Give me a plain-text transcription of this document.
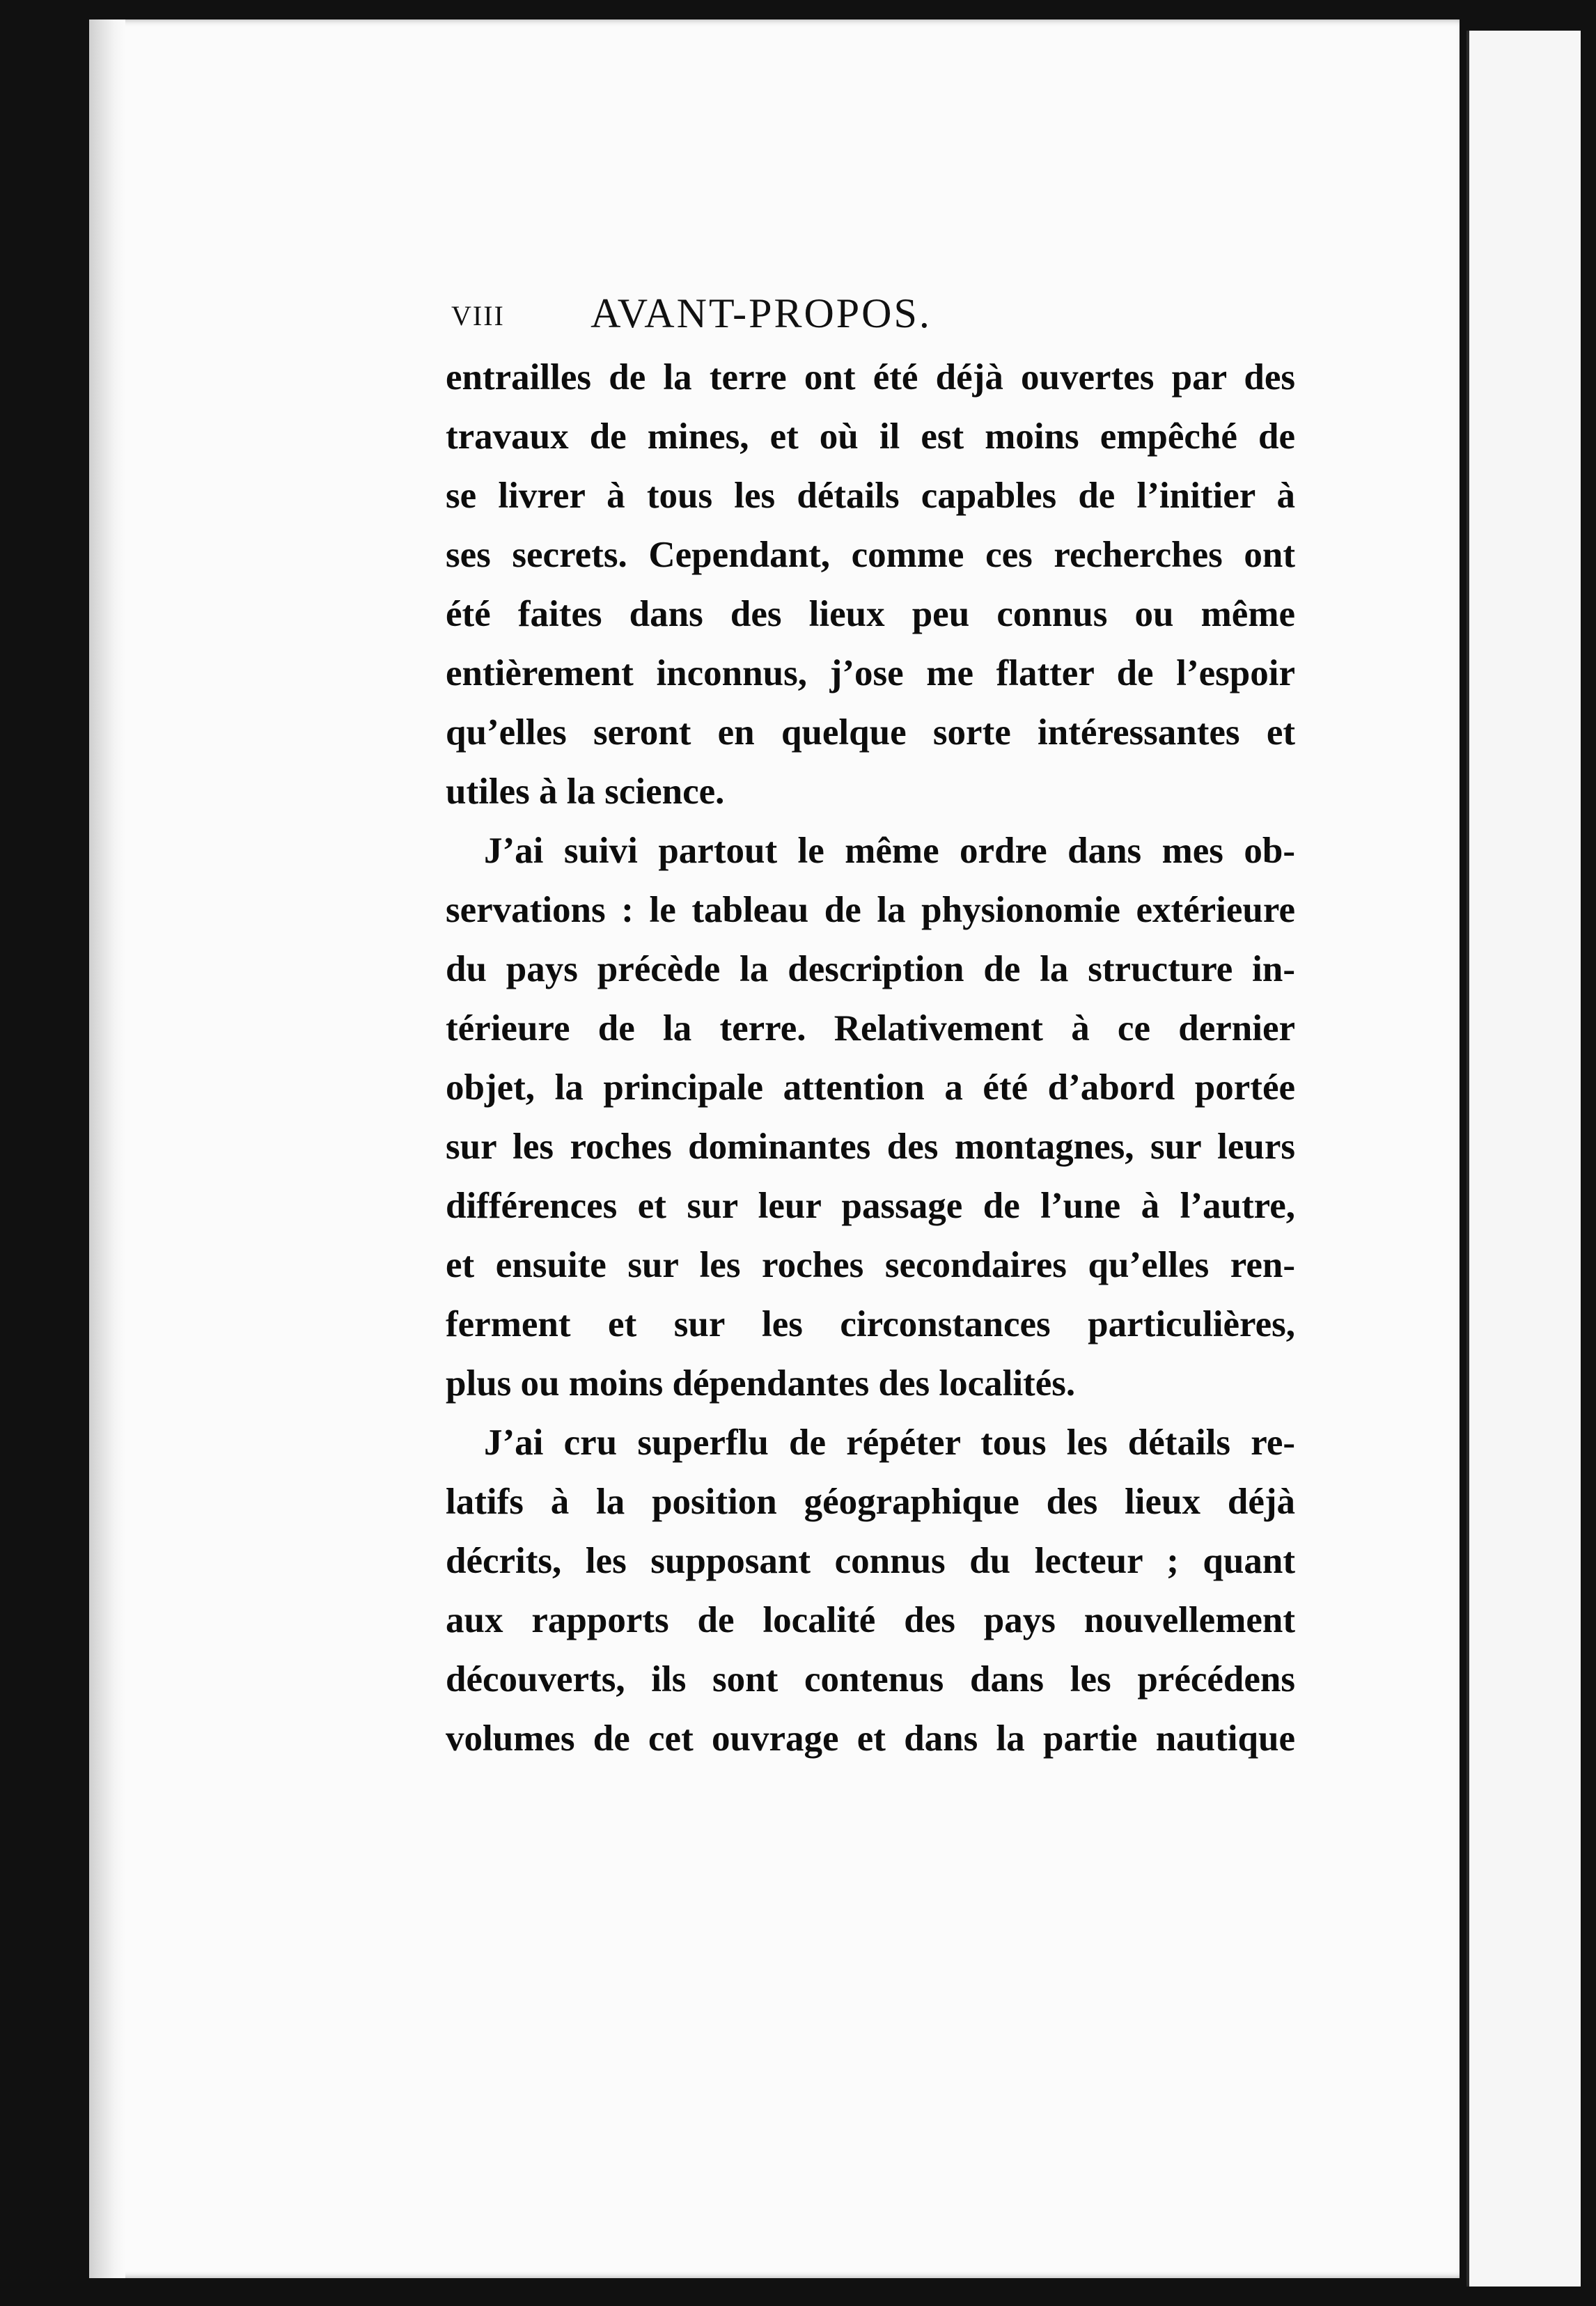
VIII	AVANT-PROPOS.
entrailles de la terre ont été déjà ouvertes par des
travaux de mines, et où il est moins empêché de
se livrer à tous les détails capables de l’initier à
ses secrets. Cependant, comme ces recherches ont
été faites dans des lieux peu connus ou même
entièrement inconnus, j’ose me flatter de l’espoir
qu’elles seront en quelque sorte intéressantes et
utiles à la science.
J’ai suivi partout le même ordre dans mes ob-
servations : le tableau de la physionomie extérieure
du pays précède la description de la structure in-
térieure de la terre. Relativement à ce dernier
objet, la principale attention a été d’abord portée
sur les roches dominantes des montagnes, sur leurs
différences et sur leur passage de l’une à l’autre,
et ensuite sur les roches secondaires qu’elles ren-
ferment et sur les circonstances particulières,
plus ou moins dépendantes des localités.
J’ai cru superflu de répéter tous les détails re-
latifs à la position géographique des lieux déjà
décrits, les supposant connus du lecteur ; quant
aux rapports de localité des pays nouvellement
découverts, ils sont contenus dans les précédens
volumes de cet ouvrage et dans la partie nautique
